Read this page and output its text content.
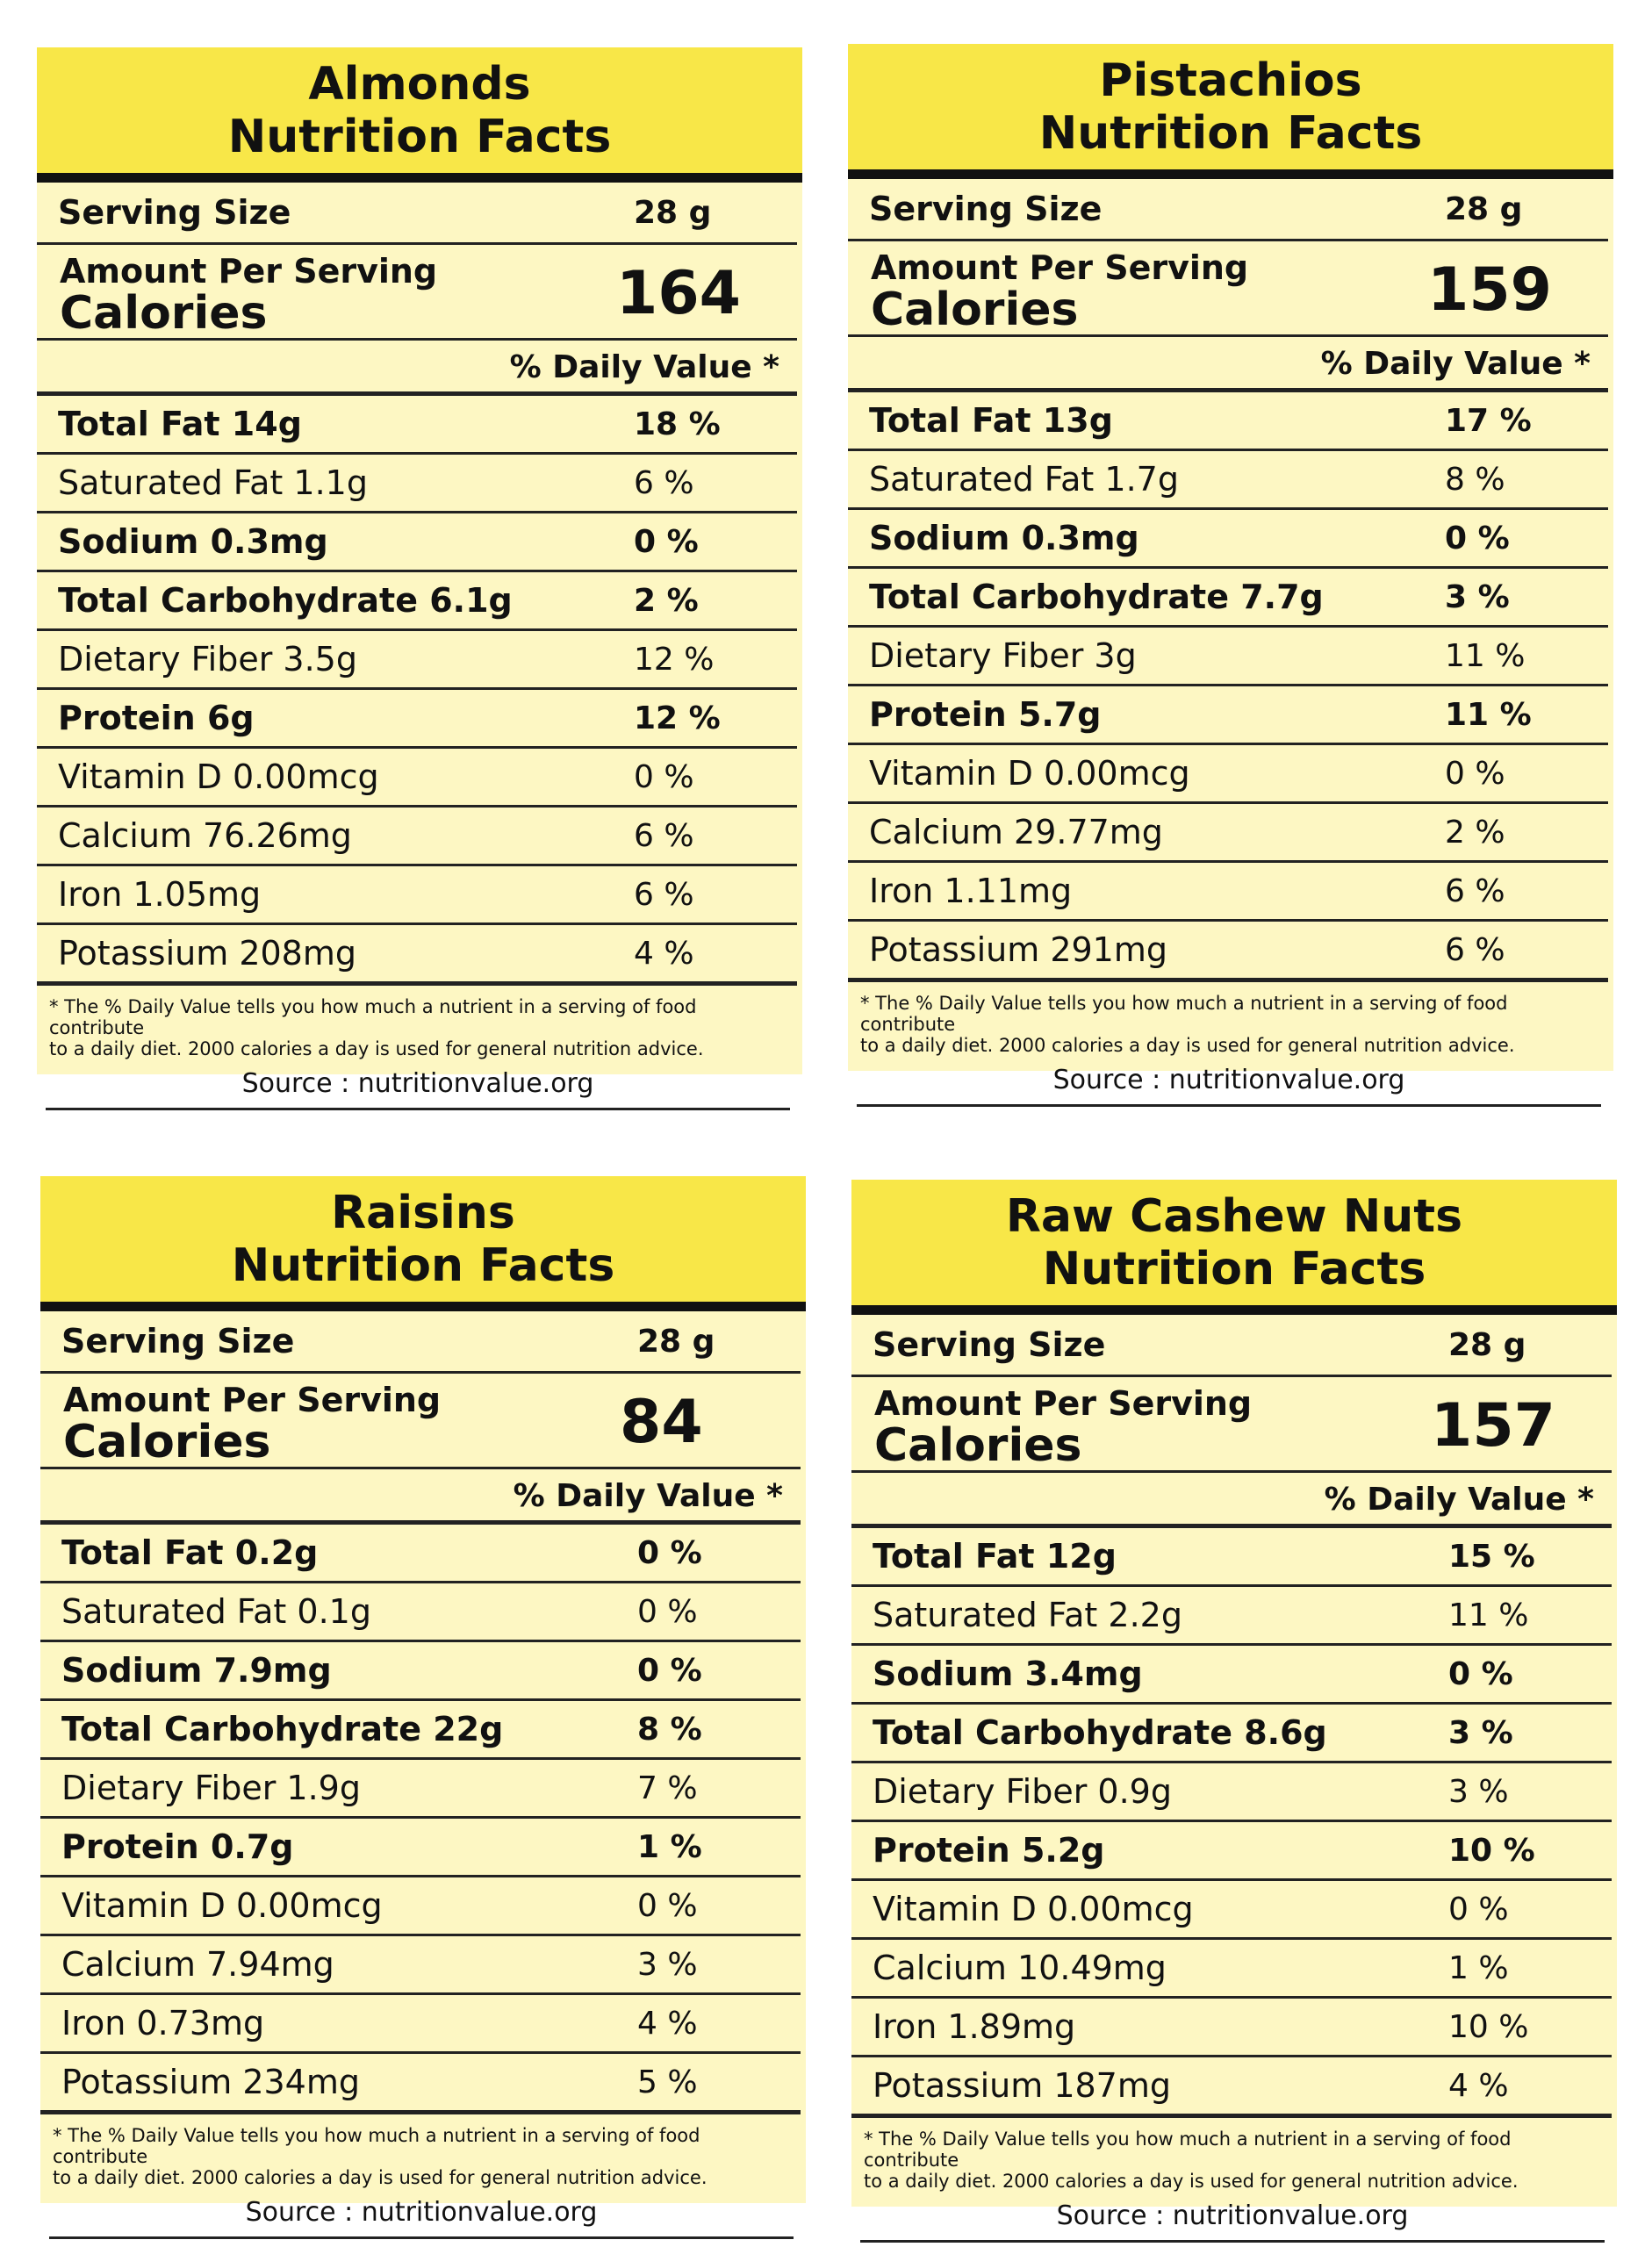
Almonds
Nutrition Facts
Serving Size	28 g
Amount Per Serving
Calories	164
% Daily Value *
Total Fat 14g	18 %
Saturated Fat 1.1g	6 %
Sodium 0.3mg	0 %
Total Carbohydrate 6.1g	2 %
Dietary Fiber 3.5g	12 %
Protein 6g	12 %
Vitamin D 0.00mcg	0 %
Calcium 76.26mg	6 %
Iron 1.05mg	6 %
Potassium 208mg	4 %
* The % Daily Value tells you how much a nutrient in a serving of food contribute
to a daily diet. 2000 calories a day is used for general nutrition advice.
Source : nutritionvalue.org
Pistachios
Nutrition Facts
Serving Size	28 g
Amount Per Serving
Calories	159
% Daily Value *
Total Fat 13g	17 %
Saturated Fat 1.7g	8 %
Sodium 0.3mg	0 %
Total Carbohydrate 7.7g	3 %
Dietary Fiber 3g	11 %
Protein 5.7g	11 %
Vitamin D 0.00mcg	0 %
Calcium 29.77mg	2 %
Iron 1.11mg	6 %
Potassium 291mg	6 %
* The % Daily Value tells you how much a nutrient in a serving of food contribute
to a daily diet. 2000 calories a day is used for general nutrition advice.
Source : nutritionvalue.org
Raisins
Nutrition Facts
Serving Size	28 g
Amount Per Serving
Calories	84
% Daily Value *
Total Fat 0.2g	0 %
Saturated Fat 0.1g	0 %
Sodium 7.9mg	0 %
Total Carbohydrate 22g	8 %
Dietary Fiber 1.9g	7 %
Protein 0.7g	1 %
Vitamin D 0.00mcg	0 %
Calcium 7.94mg	3 %
Iron 0.73mg	4 %
Potassium 234mg	5 %
* The % Daily Value tells you how much a nutrient in a serving of food contribute
to a daily diet. 2000 calories a day is used for general nutrition advice.
Source : nutritionvalue.org
Raw Cashew Nuts
Nutrition Facts
Serving Size	28 g
Amount Per Serving
Calories	157
% Daily Value *
Total Fat 12g	15 %
Saturated Fat 2.2g	11 %
Sodium 3.4mg	0 %
Total Carbohydrate 8.6g	3 %
Dietary Fiber 0.9g	3 %
Protein 5.2g	10 %
Vitamin D 0.00mcg	0 %
Calcium 10.49mg	1 %
Iron 1.89mg	10 %
Potassium 187mg	4 %
* The % Daily Value tells you how much a nutrient in a serving of food contribute
to a daily diet. 2000 calories a day is used for general nutrition advice.
Source : nutritionvalue.org
